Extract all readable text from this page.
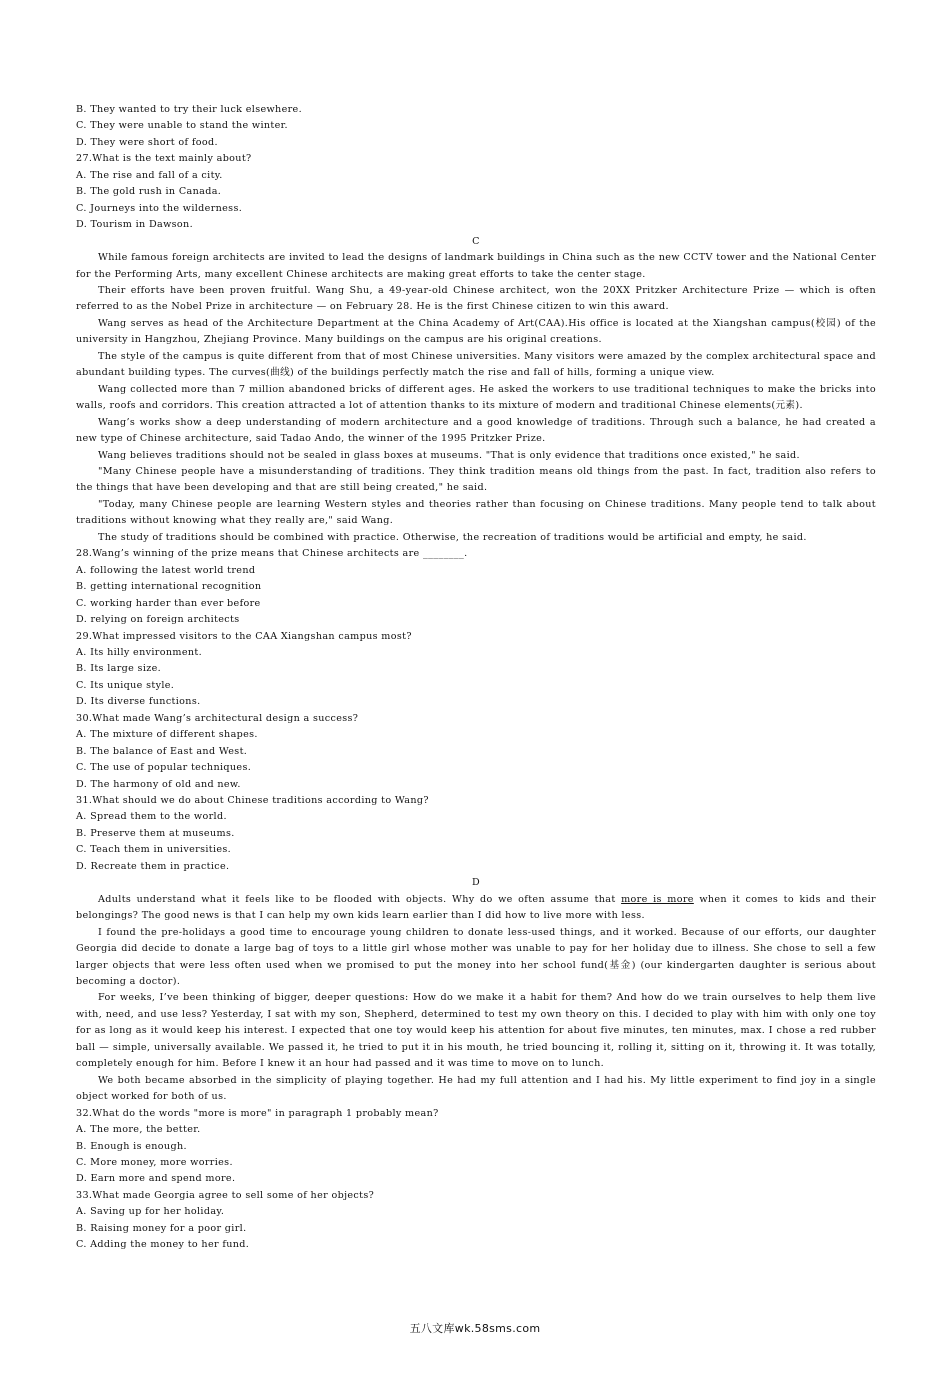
B. They wanted to try their luck elsewhere.

C. They were unable to stand the winter.

D. They were short of food.

27.What is the text mainly about?

A. The rise and fall of a city.

B. The gold rush in Canada.

C. Journeys into the wilderness.

D. Tourism in Dawson.

C

While famous foreign architects are invited to lead the designs of landmark buildings in China such as the new CCTV tower and the National Center for the Performing Arts, many excellent Chinese architects are making great efforts to take the center stage.

Their efforts have been proven fruitful. Wang Shu, a 49-year-old Chinese architect, won the 20XX Pritzker Architecture Prize — which is often referred to as the Nobel Prize in architecture — on February 28. He is the first Chinese citizen to win this award.

Wang serves as head of the Architecture Department at the China Academy of Art(CAA).His office is located at the Xiangshan campus(校园) of the university in Hangzhou, Zhejiang Province. Many buildings on the campus are his original creations.

The style of the campus is quite different from that of most Chinese universities. Many visitors were amazed by the complex architectural space and abundant building types. The curves(曲线) of the buildings perfectly match the rise and fall of hills, forming a unique view.

Wang collected more than 7 million abandoned bricks of different ages. He asked the workers to use traditional techniques to make the bricks into walls, roofs and corridors. This creation attracted a lot of attention thanks to its mixture of modern and traditional Chinese elements(元素).

Wang’s works show a deep understanding of modern architecture and a good knowledge of traditions. Through such a balance, he had created a new type of Chinese architecture, said Tadao Ando, the winner of the 1995 Pritzker Prize.

Wang believes traditions should not be sealed in glass boxes at museums. "That is only evidence that traditions once existed," he said.

"Many Chinese people have a misunderstanding of traditions. They think tradition means old things from the past. In fact, tradition also refers to the things that have been developing and that are still being created," he said.

"Today, many Chinese people are learning Western styles and theories rather than focusing on Chinese traditions. Many people tend to talk about traditions without knowing what they really are," said Wang.

The study of traditions should be combined with practice. Otherwise, the recreation of traditions would be artificial and empty, he said.

28.Wang’s winning of the prize means that Chinese architects are ________.

A. following the latest world trend

B. getting international recognition

C. working harder than ever before

D. relying on foreign architects

29.What impressed visitors to the CAA Xiangshan campus most?

A. Its hilly environment.

B. Its large size.

C. Its unique style.

D. Its diverse functions.

30.What made Wang’s architectural design a success?

A. The mixture of different shapes.

B. The balance of East and West.

C. The use of popular techniques.

D. The harmony of old and new.

31.What should we do about Chinese traditions according to Wang?

A. Spread them to the world.

B. Preserve them at museums.

C. Teach them in universities.

D. Recreate them in practice.

D

Adults understand what it feels like to be flooded with objects. Why do we often assume that more is more when it comes to kids and their belongings? The good news is that I can help my own kids learn earlier than I did how to live more with less.

I found the pre-holidays a good time to encourage young children to donate less-used things, and it worked. Because of our efforts, our daughter Georgia did decide to donate a large bag of toys to a little girl whose mother was unable to pay for her holiday due to illness. She chose to sell a few larger objects that were less often used when we promised to put the money into her school fund(基金) (our kindergarten daughter is serious about becoming a doctor).

For weeks, I’ve been thinking of bigger, deeper questions: How do we make it a habit for them? And how do we train ourselves to help them live with, need, and use less? Yesterday, I sat with my son, Shepherd, determined to test my own theory on this. I decided to play with him with only one toy for as long as it would keep his interest. I expected that one toy would keep his attention for about five minutes, ten minutes, max. I chose a red rubber ball — simple, universally available. We passed it, he tried to put it in his mouth, he tried bouncing it, rolling it, sitting on it, throwing it. It was totally, completely enough for him. Before I knew it an hour had passed and it was time to move on to lunch.

We both became absorbed in the simplicity of playing together. He had my full attention and I had his. My little experiment to find joy in a single object worked for both of us.

32.What do the words "more is more" in paragraph 1 probably mean?

A. The more, the better.

B. Enough is enough.

C. More money, more worries.

D. Earn more and spend more.

33.What made Georgia agree to sell some of her objects?

A. Saving up for her holiday.

B. Raising money for a poor girl.

C. Adding the money to her fund.

五八文库wk.58sms.com
